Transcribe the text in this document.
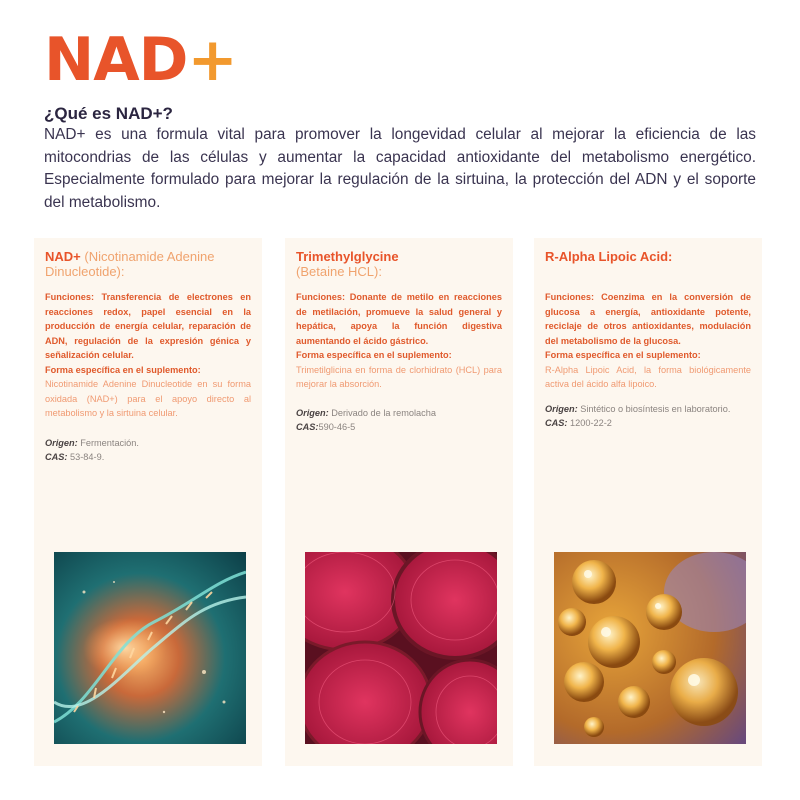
NAD+
¿Qué es NAD+?

NAD+ es una formula vital para promover la longevidad celular al mejorar la eficiencia de las mitocondrias de las células y aumentar la capacidad antioxidante del metabolismo energético. Especialmente formulado para mejorar la regulación de la sirtuina, la protección del ADN y el soporte del metabolismo.

NAD+ (Nicotinamide Adenine Dinucleotide):
Funciones: Transferencia de electrones en reacciones redox, papel esencial en la producción de energía celular, reparación de ADN, regulación de la expresión génica y señalización celular.
Forma específica en el suplemento:
Nicotinamide Adenine Dinucleotide en su forma oxidada (NAD+) para el apoyo directo al metabolismo y la sirtuina celular.
Origen: Fermentación.
CAS: 53-84-9.
Trimethylglycine
(Betaine HCL):
Funciones: Donante de metilo en reacciones de metilación, promueve la salud general y hepática, apoya la función digestiva aumentando el ácido gástrico.
Forma específica en el suplemento:
Trimetilglicina en forma de clorhidrato (HCL) para mejorar la absorción.
Origen: Derivado de la remolacha
CAS:590-46-5
R-Alpha Lipoic Acid:
Funciones: Coenzima en la conversión de glucosa a energía, antioxidante potente, reciclaje de otros antioxidantes, modulación del metabolismo de la glucosa.
Forma específica en el suplemento:
R-Alpha Lipoic Acid, la forma biológicamente activa del ácido alfa lipoico.
Origen: Sintético o biosíntesis en laboratorio.
CAS: 1200-22-2
